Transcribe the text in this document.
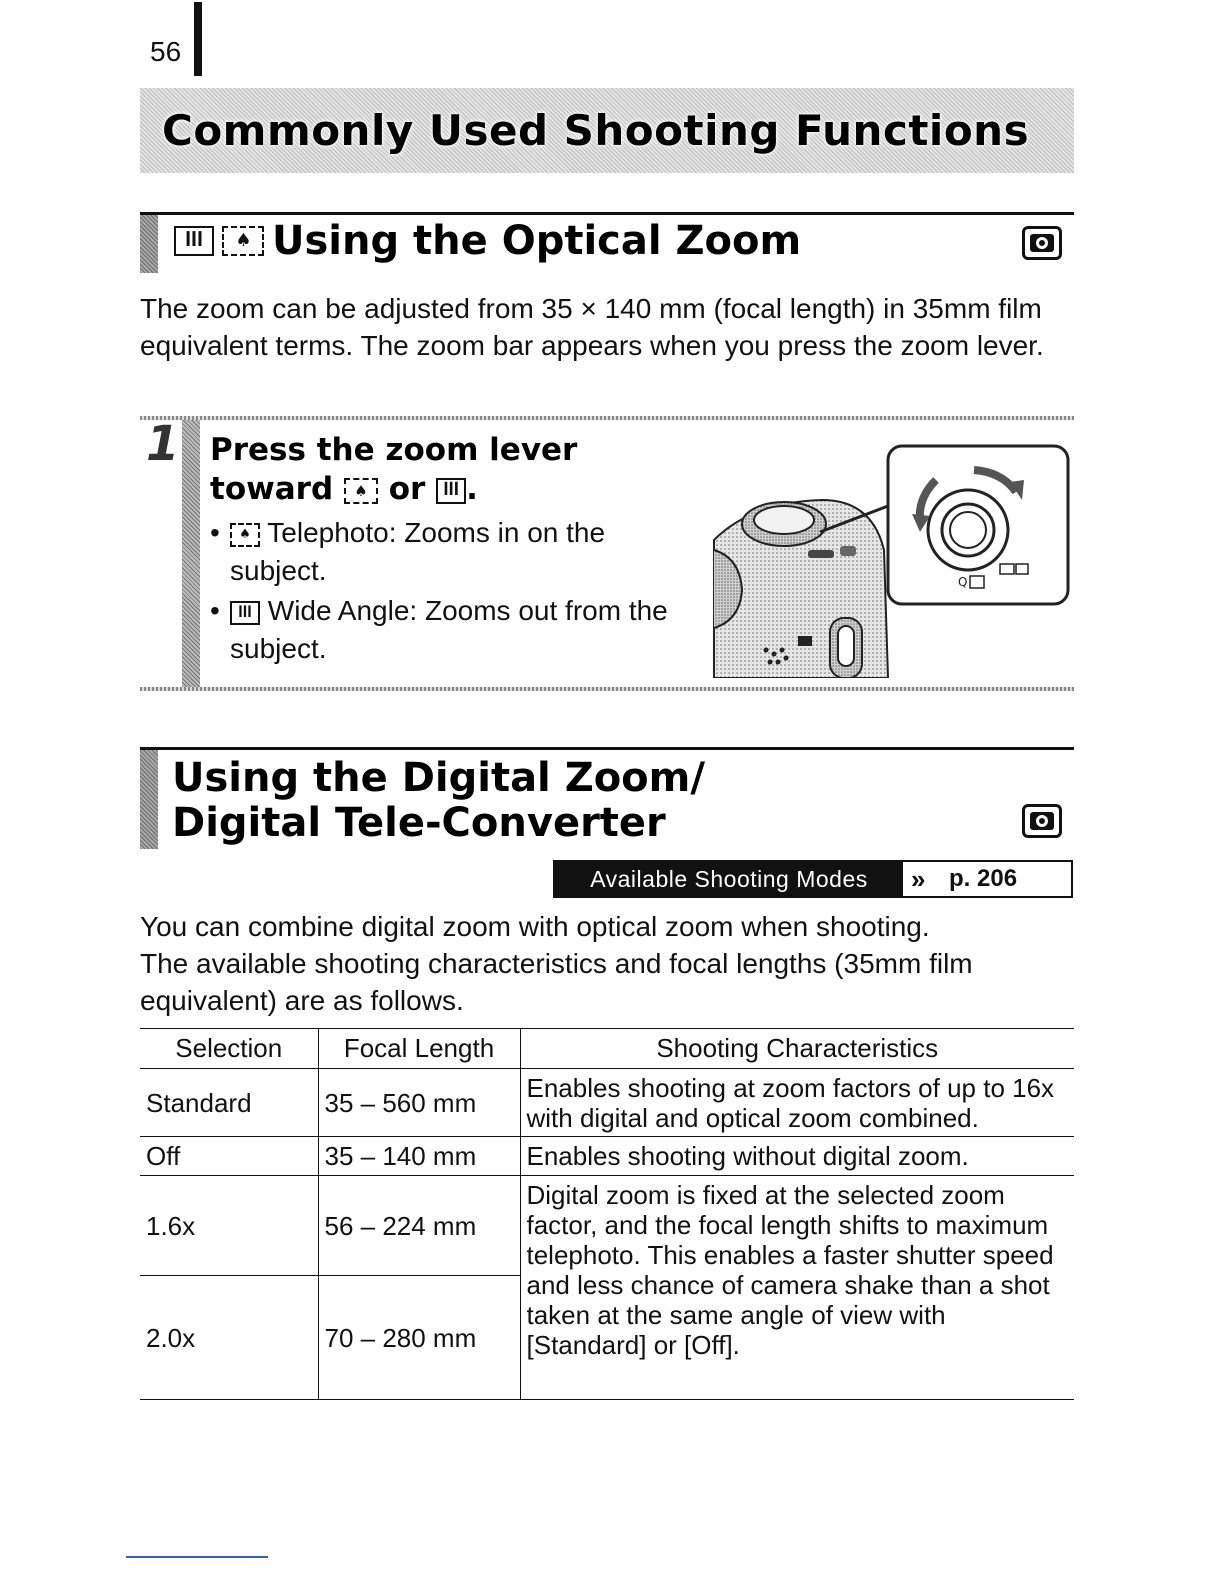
56
Commonly Used Shooting Functions
ꟾꟾꟾ ♠ Using the Optical Zoom
The zoom can be adjusted from 35 × 140 mm (focal length) in 35mm film equivalent terms. The zoom bar appears when you press the zoom lever.
1 Press the zoom lever
toward ♠ or ꟾꟾꟾ .
•	♠ Telephoto: Zooms in on the subject.
•	ꟾꟾꟾ Wide Angle: Zooms out from the subject.
Q
Using the Digital Zoom/
Digital Tele-Converter
Available Shooting Modes	» p. 206
You can combine digital zoom with optical zoom when shooting.
The available shooting characteristics and focal lengths (35mm film equivalent) are as follows.
Selection	Focal Length	Shooting Characteristics
Standard	35 – 560 mm	Enables shooting at zoom factors of up to 16x with digital and optical zoom combined.
Off	35 – 140 mm	Enables shooting without digital zoom.
1.6x	56 – 224 mm	Digital zoom is fixed at the selected zoom factor, and the focal length shifts to maximum telephoto. This enables a faster shutter speed and less chance of camera shake than a shot taken at the same angle of view with [Standard] or [Off].
2.0x	70 – 280 mm	
